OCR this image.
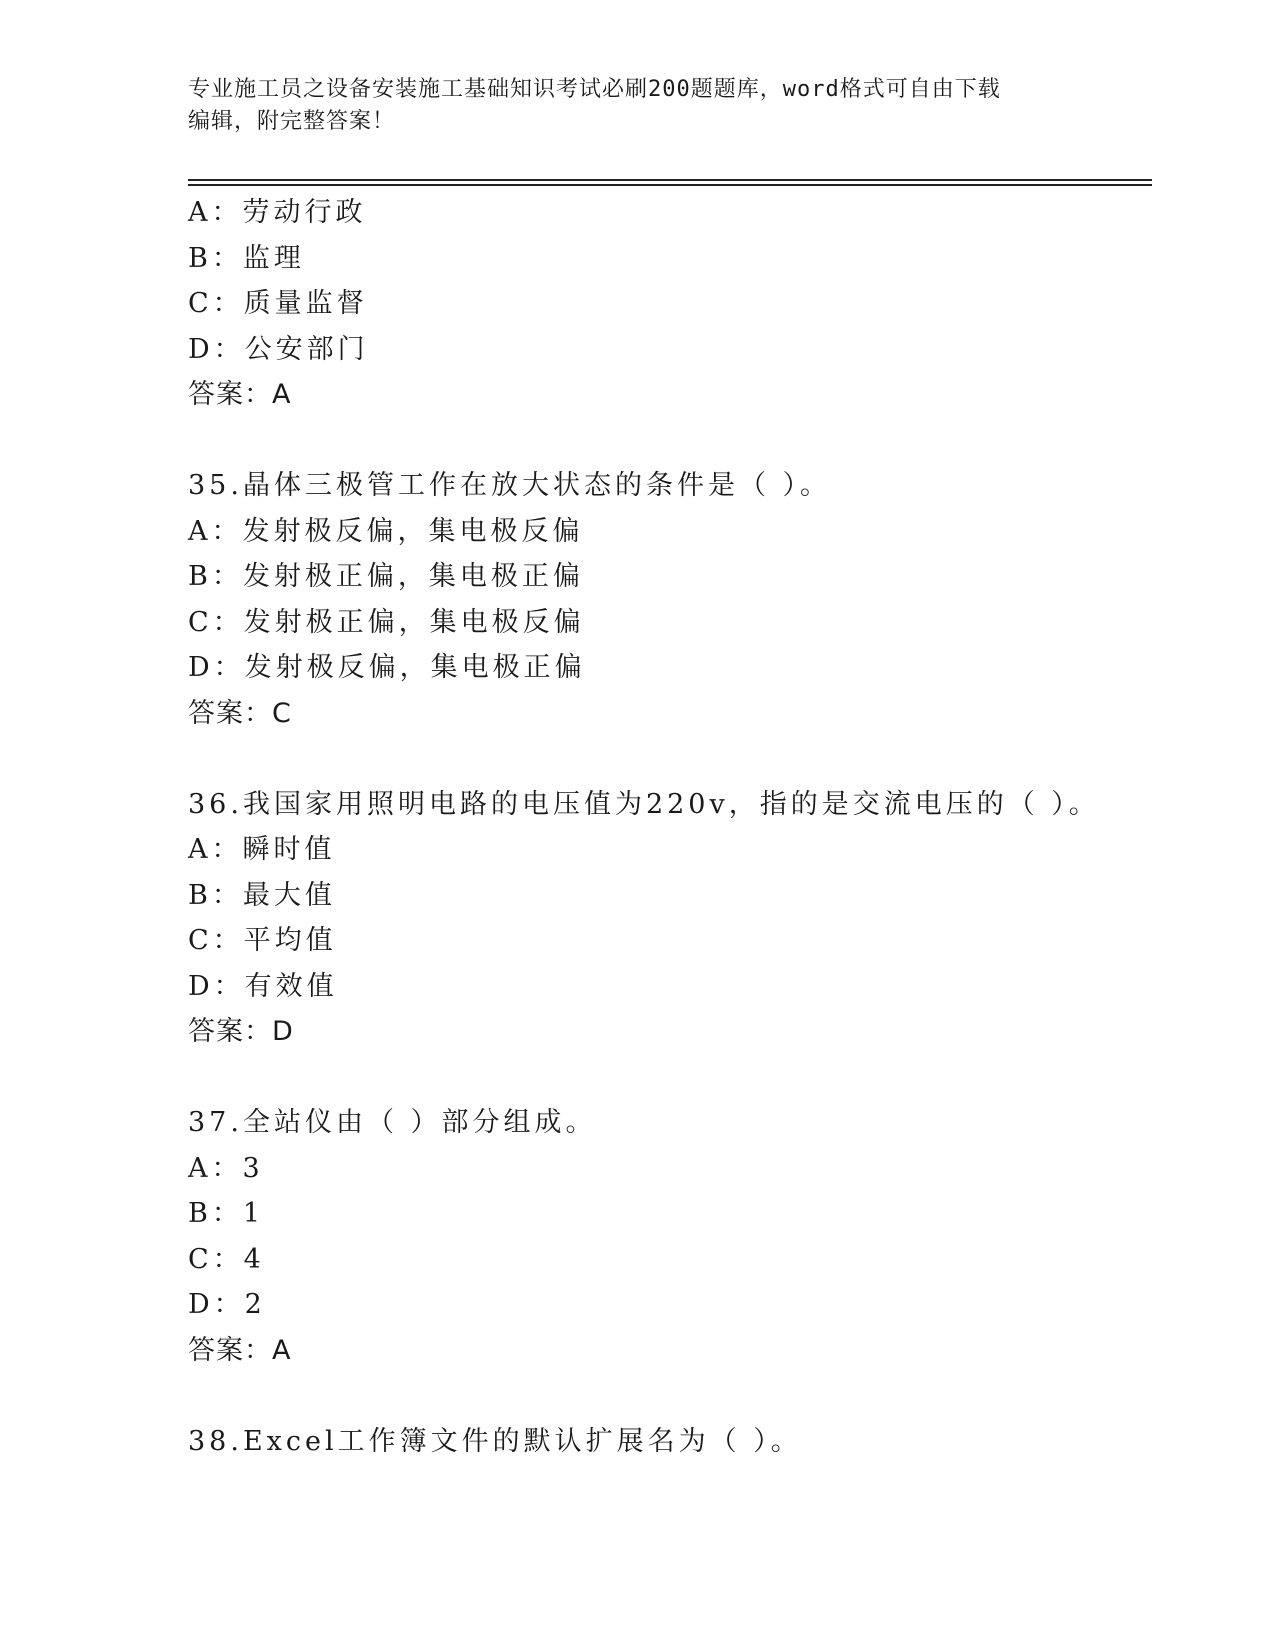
专业施工员之设备安装施工基础知识考试必刷200题题库，word格式可自由下载
编辑，附完整答案！
A：劳动行政
B：监理
C：质量监督
D：公安部门
答案：A
35.晶体三极管工作在放大状态的条件是（ ）。
A：发射极反偏，集电极反偏
B：发射极正偏，集电极正偏
C：发射极正偏，集电极反偏
D：发射极反偏，集电极正偏
答案：C
36.我国家用照明电路的电压值为220v，指的是交流电压的（ ）。
A：瞬时值
B：最大值
C：平均值
D：有效值
答案：D
37.全站仪由（ ）部分组成。
A：3
B：1
C：4
D：2
答案：A
38.Excel工作簿文件的默认扩展名为（ ）。
